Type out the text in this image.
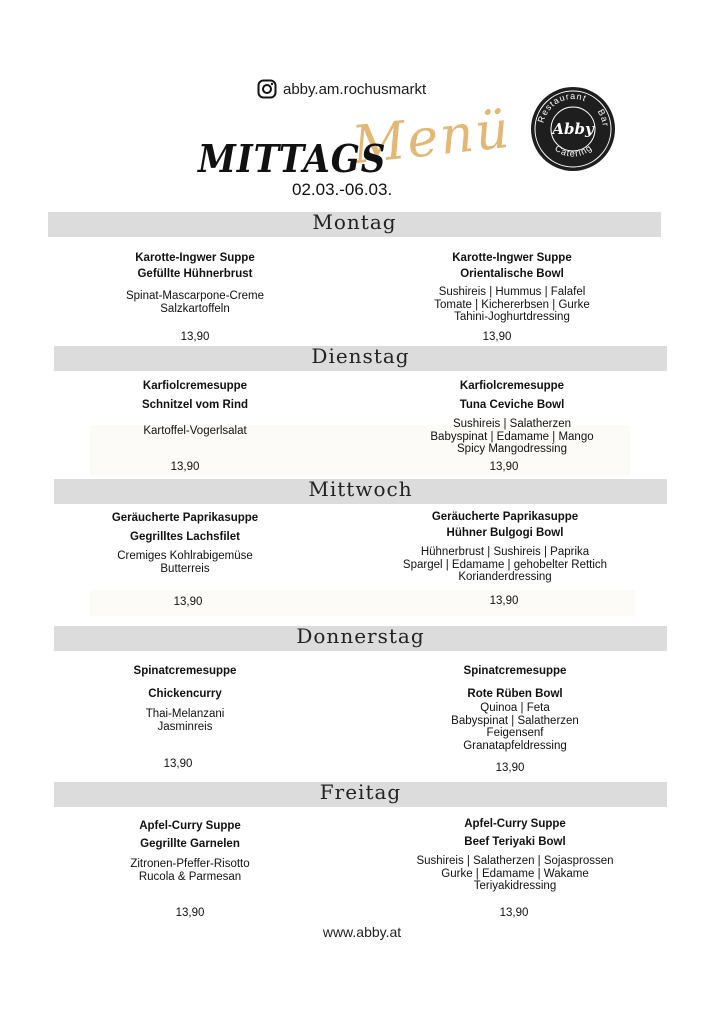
abby.am.rochusmarkt
Menü
MITTAGS
02.03.-06.03.
Restaurant
Bar
Catering
Abby
Montag
Karotte-Ingwer Suppe
Gefüllte Hühnerbrust
Spinat-Mascarpone-Creme
Salzkartoffeln
13,90
Karotte-Ingwer Suppe
Orientalische Bowl
Sushireis | Hummus | Falafel
Tomate | Kichererbsen | Gurke
Tahini-Joghurtdressing
13,90
Dienstag
Karfiolcremesuppe
Schnitzel vom Rind
Kartoffel-Vogerlsalat
13,90
Karfiolcremesuppe
Tuna Ceviche Bowl
Sushireis | Salatherzen
Babyspinat | Edamame | Mango
Spicy Mangodressing
13,90
Mittwoch
Geräucherte Paprikasuppe
Gegrilltes Lachsfilet
Cremiges Kohlrabigemüse
Butterreis
13,90
Geräucherte Paprikasuppe
Hühner Bulgogi Bowl
Hühnerbrust | Sushireis | Paprika
Spargel | Edamame | gehobelter Rettich
Korianderdressing
13,90
Donnerstag
Spinatcremesuppe
Chickencurry
Thai-Melanzani
Jasminreis
13,90
Spinatcremesuppe
Rote Rüben Bowl
Quinoa | Feta
Babyspinat | Salatherzen
Feigensenf
Granatapfeldressing
13,90
Freitag
Apfel-Curry Suppe
Gegrillte Garnelen
Zitronen-Pfeffer-Risotto
Rucola & Parmesan
13,90
Apfel-Curry Suppe
Beef Teriyaki Bowl
Sushireis | Salatherzen | Sojasprossen
Gurke | Edamame | Wakame
Teriyakidressing
13,90
www.abby.at
